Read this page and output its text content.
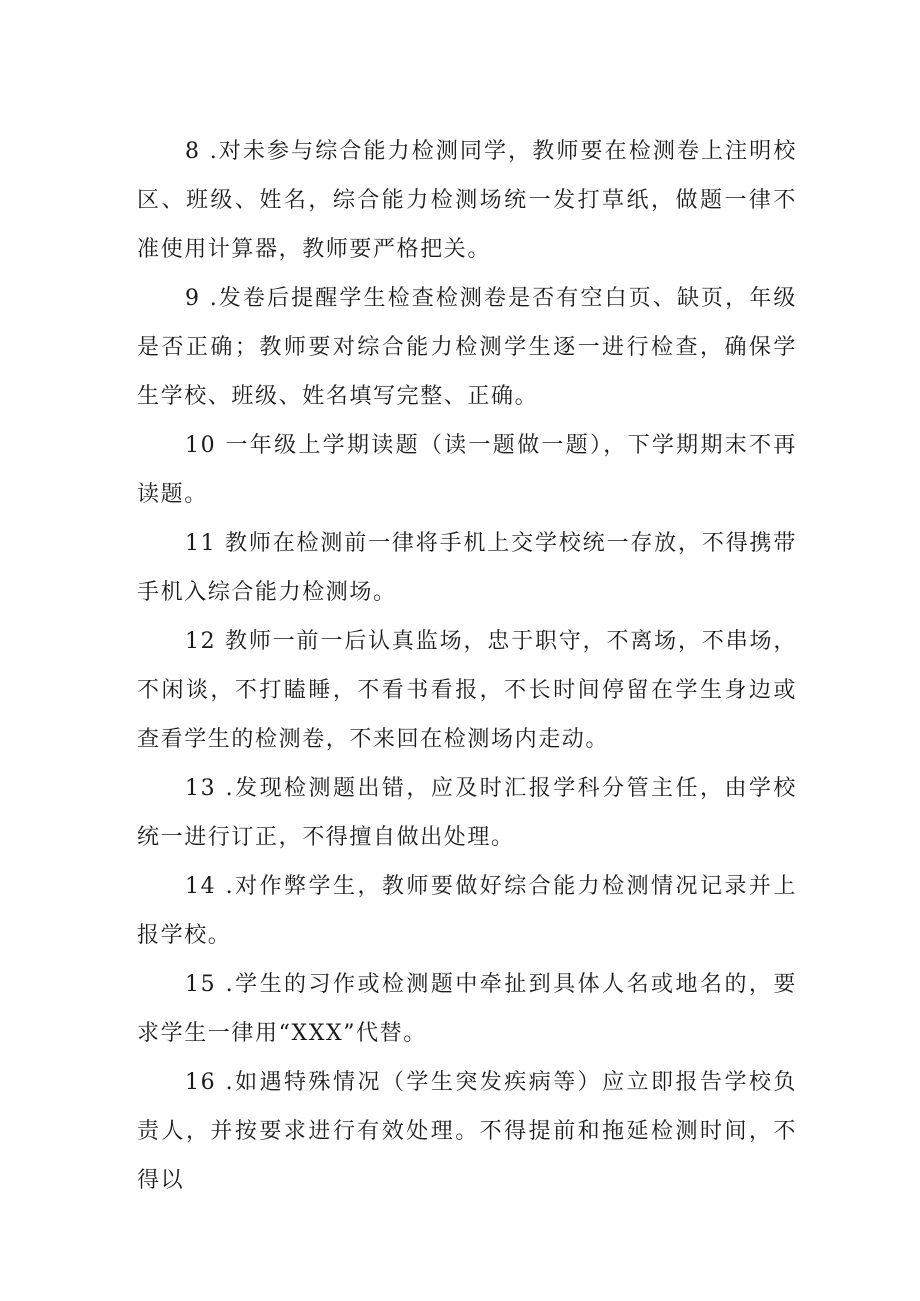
8 .对未参与综合能力检测同学，教师要在检测卷上注明校区、班级、姓名，综合能力检测场统一发打草纸，做题一律不准使用计算器，教师要严格把关。

9 .发卷后提醒学生检查检测卷是否有空白页、缺页，年级是否正确；教师要对综合能力检测学生逐一进行检查，确保学生学校、班级、姓名填写完整、正确。

10 一年级上学期读题（读一题做一题），下学期期末不再读题。

11 教师在检测前一律将手机上交学校统一存放，不得携带手机入综合能力检测场。

12 教师一前一后认真监场，忠于职守，不离场，不串场，不闲谈，不打瞌睡，不看书看报，不长时间停留在学生身边或查看学生的检测卷，不来回在检测场内走动。

13 .发现检测题出错，应及时汇报学科分管主任，由学校统一进行订正，不得擅自做出处理。

14 .对作弊学生，教师要做好综合能力检测情况记录并上报学校。

15 .学生的习作或检测题中牵扯到具体人名或地名的，要求学生一律用“XXX”代替。

16 .如遇特殊情况（学生突发疾病等）应立即报告学校负责人，并按要求进行有效处理。不得提前和拖延检测时间，不得以
